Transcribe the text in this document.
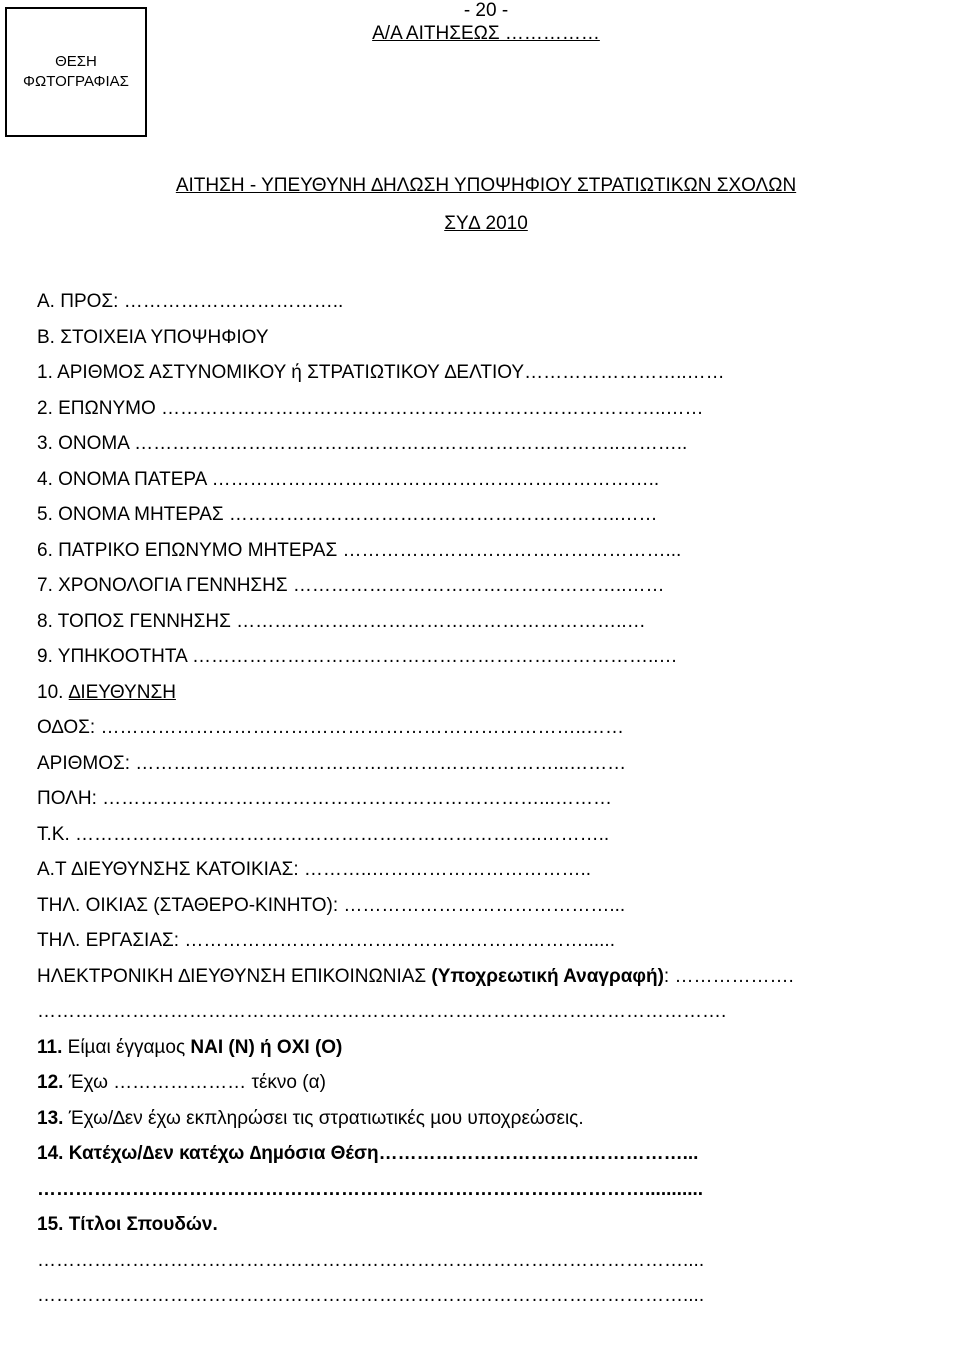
ΘΕΣΗ
ΦΩΤΟΓΡΑΦΙΑΣ
- 20 -
Α/Α ΑΙΤΗΣΕΩΣ ……………
ΑΙΤΗΣΗ - ΥΠΕΥΘΥΝΗ ∆ΗΛΩΣΗ ΥΠΟΨΗΦΙΟΥ ΣΤΡΑΤΙΩΤΙΚΩΝ ΣΧΟΛΩΝ
ΣΥ∆ 2010
Α. ΠΡΟΣ: ……………………………..
Β. ΣΤΟΙΧΕΙΑ ΥΠΟΨΗΦΙΟΥ
1. ΑΡΙΘΜΟΣ ΑΣΤΥΝΟΜΙΚΟΥ ή ΣΤΡΑΤΙΩΤΙΚΟΥ ∆ΕΛΤΙΟΥ……………………..……
2. ΕΠΩΝΥΜΟ ……………………………………………………………………..……
3. ΟΝΟΜΑ …………………………………………………………………..………..
4. ΟΝΟΜΑ ΠΑΤΕΡΑ ……………………………………………………………..
5. ΟΝΟΜΑ ΜΗΤΕΡΑΣ ……………………………………………………..……
6. ΠΑΤΡΙΚΟ ΕΠΩΝΥΜΟ ΜΗΤΕΡΑΣ ……………………………………………...
7. ΧΡΟΝΟΛΟΓΙΑ ΓΕΝΝΗΣΗΣ ……………………………………………..……
8. ΤΟΠΟΣ ΓΕΝΝΗΣΗΣ ……………………………………………………..…
9. ΥΠΗΚΟΟΤΗΤΑ ………………………………………………………………..…
10. ∆ΙΕΥΘΥΝΣΗ
Ο∆ΟΣ: …………………………………………………………………..……
ΑΡΙΘΜΟΣ: …………………………………………………………...………
ΠΟΛΗ: ……………………………………………………………...………
Τ.Κ. ………………………………………………………………..………..
Α.Τ ∆ΙΕΥΘΥΝΣΗΣ ΚΑΤΟΙΚΙΑΣ: ………..……………………………..
ΤΗΛ. ΟΙΚΙΑΣ (ΣΤΑΘΕΡΟ-ΚΙΝΗΤΟ): ……………………………………...
ΤΗΛ. ΕΡΓΑΣΙΑΣ: ………………………………………………………......
ΗΛΕΚΤΡΟΝΙΚΗ ∆ΙΕΥΘΥΝΣΗ ΕΠΙΚΟΙΝΩΝΙΑΣ (Υποχρεωτική Αναγραφή): ……………….
……………………………………………………………………………………………….
11. Είµαι έγγαµος ΝΑΙ (Ν) ή ΟΧΙ (Ο)
12. Έχω ………………… τέκνο (α)
13. Έχω/∆εν έχω εκπληρώσει τις στρατιωτικές µου υποχρεώσεις.
14. Κατέχω/∆εν κατέχω ∆ηµόσια Θέση…………………………………………...
……………………………………………………………………………………...........
15. Τίτλοι Σπουδών.
…………………………………………………………………………………………....
…………………………………………………………………………………………....
